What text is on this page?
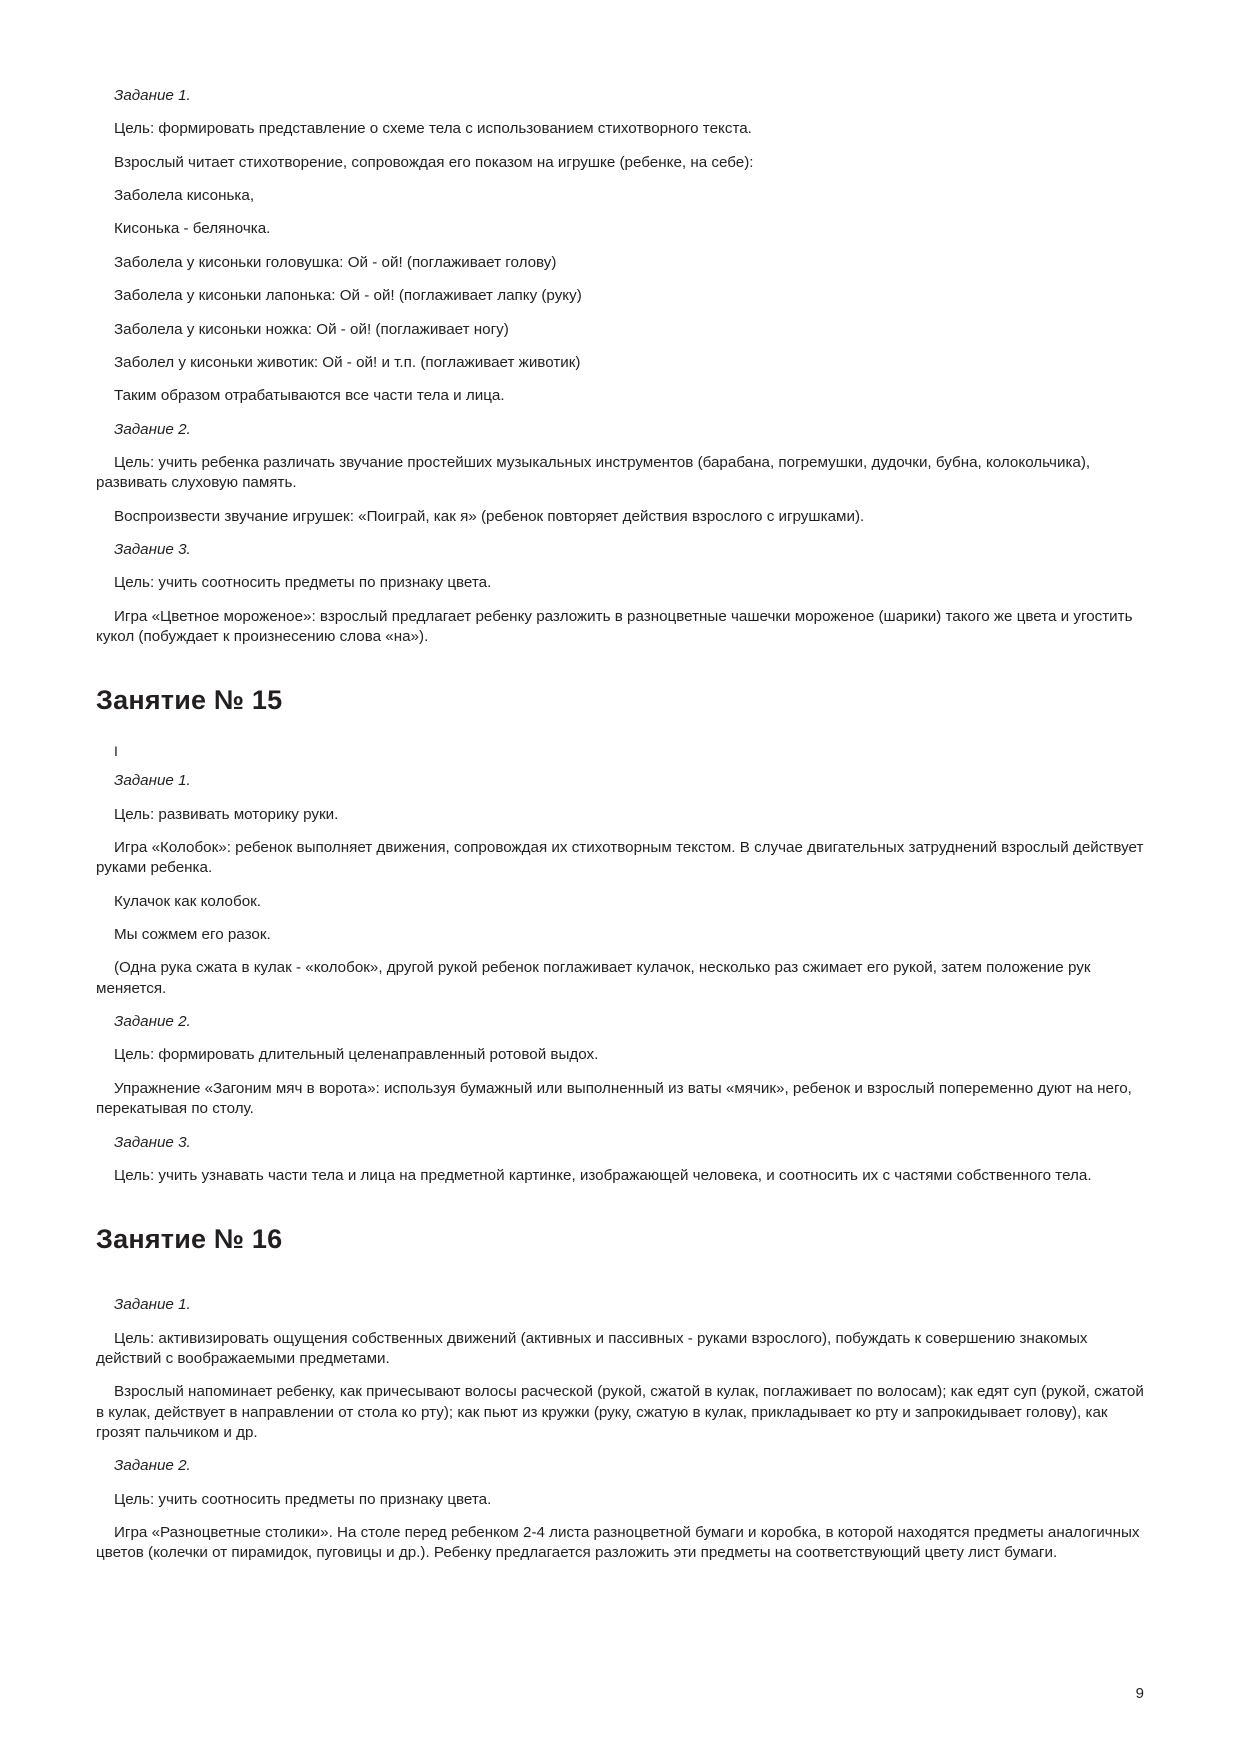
Задание 1.

Цель: формировать представление о схеме тела с использованием стихотворного текста.

Взрослый читает стихотворение, сопровождая его показом на игрушке (ребенке, на себе):

Заболела кисонька,

Кисонька - беляночка.

Заболела у кисоньки головушка: Ой - ой! (поглаживает голову)

Заболела у кисоньки лапонька: Ой - ой! (поглаживает лапку (руку)

Заболела у кисоньки ножка: Ой - ой! (поглаживает ногу)

Заболел у кисоньки животик: Ой - ой! и т.п. (поглаживает животик)

Таким образом отрабатываются все части тела и лица.

Задание 2.

Цель: учить ребенка различать звучание простейших музыкальных инструментов (барабана, погремушки, дудочки, бубна, колокольчика), развивать слуховую память.

Воспроизвести звучание игрушек: «Поиграй, как я» (ребенок повторяет действия взрослого с игрушками).

Задание 3.

Цель: учить соотносить предметы по признаку цвета.

Игра «Цветное мороженое»: взрослый предлагает ребенку разложить в разноцветные чашечки мороженое (шарики) такого же цвета и угостить кукол (побуждает к произнесению слова «на»).

Занятие № 15

I

Задание 1.

Цель: развивать моторику руки.

Игра «Колобок»: ребенок выполняет движения, сопровождая их стихотворным текстом. В случае двигательных затруднений взрослый действует руками ребенка.

Кулачок как колобок.

Мы сожмем его разок.

(Одна рука сжата в кулак - «колобок», другой рукой ребенок поглаживает кулачок, несколько раз сжимает его рукой, затем положение рук меняется.

Задание 2.

Цель: формировать длительный целенаправленный ротовой выдох.

Упражнение «Загоним мяч в ворота»: используя бумажный или выполненный из ваты «мячик», ребенок и взрослый попеременно дуют на него, перекатывая по столу.

Задание 3.

Цель: учить узнавать части тела и лица на предметной картинке, изображающей человека, и соотносить их с частями собственного тела.

Занятие № 16

Задание 1.

Цель: активизировать ощущения собственных движений (активных и пассивных - руками взрослого), побуждать к совершению знакомых действий с воображаемыми предметами.

Взрослый напоминает ребенку, как причесывают волосы расческой (рукой, сжатой в кулак, поглаживает по волосам); как едят суп (рукой, сжатой в кулак, действует в направлении от стола ко рту); как пьют из кружки (руку, сжатую в кулак, прикладывает ко рту и запрокидывает голову), как грозят пальчиком и др.

Задание 2.

Цель: учить соотносить предметы по признаку цвета.

Игра «Разноцветные столики». На столе перед ребенком 2-4 листа разноцветной бумаги и коробка, в которой находятся предметы аналогичных цветов (колечки от пирамидок, пуговицы и др.). Ребенку предлагается разложить эти предметы на соответствующий цвету лист бумаги.

9
